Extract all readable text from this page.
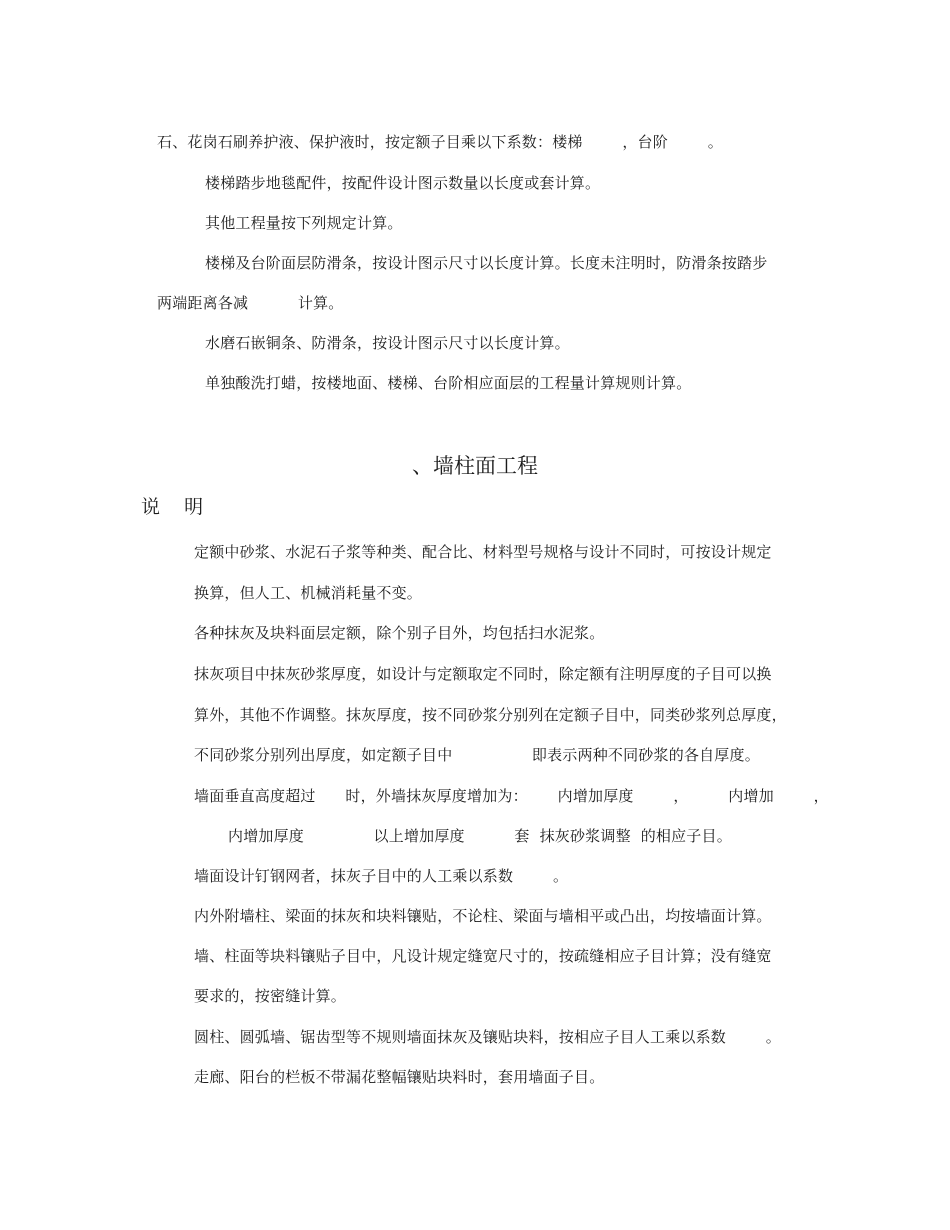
石、花岗石刷养护液、保护液时，按定额子目乘以下系数：楼梯        ，台阶        。
楼梯踏步地毯配件，按配件设计图示数量以长度或套计算。
其他工程量按下列规定计算。
楼梯及台阶面层防滑条，按设计图示尺寸以长度计算。长度未注明时，防滑条按踏步
两端距离各减          计算。
水磨石嵌铜条、防滑条，按设计图示尺寸以长度计算。
单独酸洗打蜡，按楼地面、楼梯、台阶相应面层的工程量计算规则计算。
、墙柱面工程
说    明
定额中砂浆、水泥石子浆等种类、配合比、材料型号规格与设计不同时，可按设计规定
换算，但人工、机械消耗量不变。
各种抹灰及块料面层定额，除个别子目外，均包括扫水泥浆。
抹灰项目中抹灰砂浆厚度，如设计与定额取定不同时，除定额有注明厚度的子目可以换
算外，其他不作调整。抹灰厚度，按不同砂浆分别列在定额子目中，同类砂浆列总厚度，
不同砂浆分别列出厚度，如定额子目中                即表示两种不同砂浆的各自厚度。
墙面垂直高度超过      时，外墙抹灰厚度增加为：      内增加厚度        ，        内增加        ，
内增加厚度              以上增加厚度          套  抹灰砂浆调整  的相应子目。
墙面设计钉钢网者，抹灰子目中的人工乘以系数        。
内外附墙柱、梁面的抹灰和块料镶贴，不论柱、梁面与墙相平或凸出，均按墙面计算。
墙、柱面等块料镶贴子目中，凡设计规定缝宽尺寸的，按疏缝相应子目计算；没有缝宽
要求的，按密缝计算。
圆柱、圆弧墙、锯齿型等不规则墙面抹灰及镶贴块料，按相应子目人工乘以系数        。
走廊、阳台的栏板不带漏花整幅镶贴块料时，套用墙面子目。
